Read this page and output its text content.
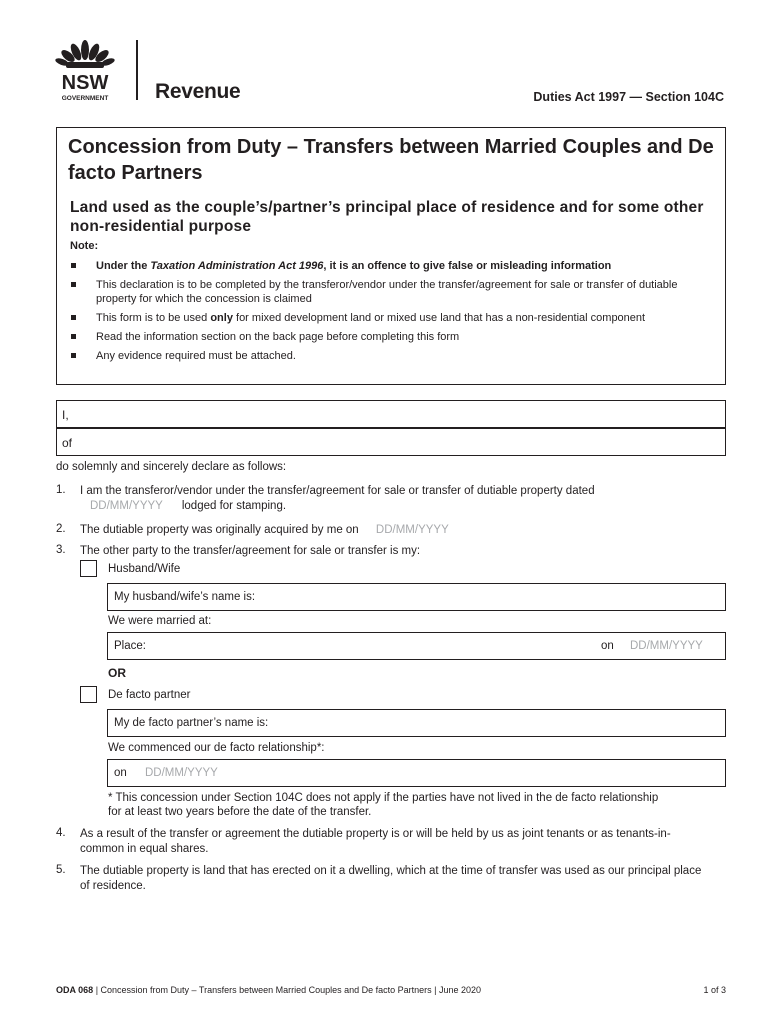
NSW
GOVERNMENT Revenue	Duties Act 1997 — Section 104C
Concession from Duty – Transfers between Married Couples and De facto Partners
Land used as the couple’s/partner’s principal place of residence and for some other non-residential purpose
Note:
Under the Taxation Administration Act 1996, it is an offence to give false or misleading information
This declaration is to be completed by the transferor/vendor under the transfer/agreement for sale or transfer of dutiable property for which the concession is claimed
This form is to be used only for mixed development land or mixed use land that has a non-residential component
Read the information section on the back page before completing this form
Any evidence required must be attached.
I,
of
do solemnly and sincerely declare as follows:
1. I am the transferor/vendor under the transfer/agreement for sale or transfer of dutiable property dated
DD/MM/YYYY lodged for stamping.
2. The dutiable property was originally acquired by me on DD/MM/YYYY
3. The other party to the transfer/agreement for sale or transfer is my:
Husband/Wife
My husband/wife’s name is:
We were married at:
Place:	on DD/MM/YYYY
OR
De facto partner
My de facto partner’s name is:
We commenced our de facto relationship*:
on DD/MM/YYYY
* This concession under Section 104C does not apply if the parties have not lived in the de facto relationship for at least two years before the date of the transfer.
4. As a result of the transfer or agreement the dutiable property is or will be held by us as joint tenants or as tenants-in-common in equal shares.
5. The dutiable property is land that has erected on it a dwelling, which at the time of transfer was used as our principal place of residence.
ODA 068 | Concession from Duty – Transfers between Married Couples and De facto Partners | June 2020	1 of 3
